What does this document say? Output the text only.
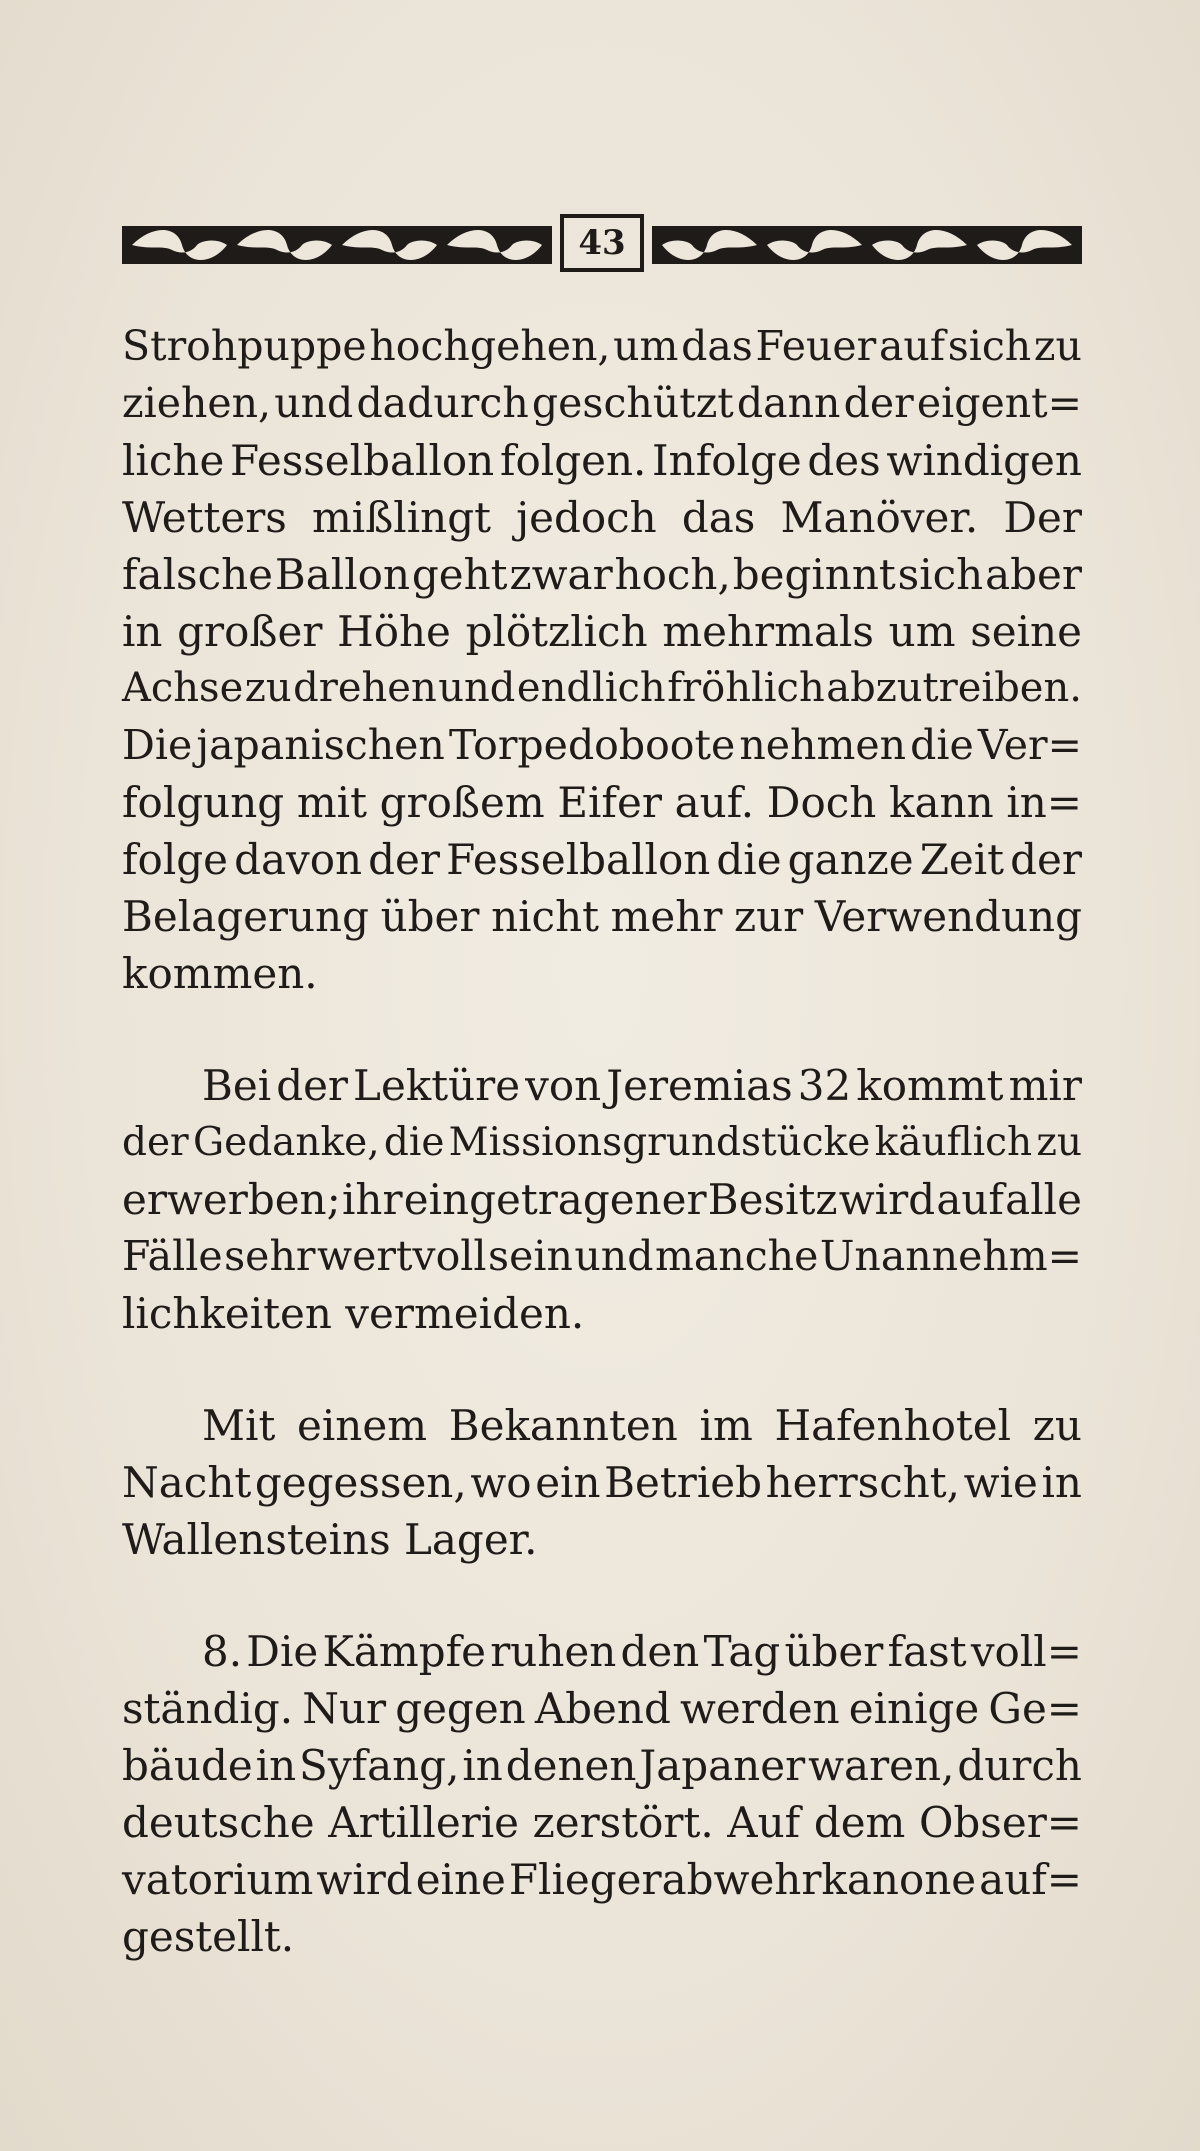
43
Strohpuppe hochgehen, um das Feuer auf sich zu
ziehen, und dadurch geschützt dann der eigent=
liche Fesselballon folgen. Infolge des windigen
Wetters mißlingt jedoch das Manöver. Der
falsche Ballon geht zwar hoch, beginnt sich aber
in großer Höhe plötzlich mehrmals um seine
Achse zu drehen und endlich fröhlich abzutreiben.
Die japanischen Torpedoboote nehmen die Ver=
folgung mit großem Eifer auf. Doch kann in=
folge davon der Fesselballon die ganze Zeit der
Belagerung über nicht mehr zur Verwendung
kommen.
Bei der Lektüre von Jeremias 32 kommt mir
der Gedanke, die Missionsgrundstücke käuflich zu
erwerben; ihr eingetragener Besitz wird auf alle
Fälle sehr wertvoll sein und manche Unannehm=
lichkeiten vermeiden.
Mit einem Bekannten im Hafenhotel zu
Nacht gegessen, wo ein Betrieb herrscht, wie in
Wallensteins Lager.
8. Die Kämpfe ruhen den Tag über fast voll=
ständig. Nur gegen Abend werden einige Ge=
bäude in Syfang, in denen Japaner waren, durch
deutsche Artillerie zerstört. Auf dem Obser=
vatorium wird eine Fliegerabwehrkanone auf=
gestellt.
